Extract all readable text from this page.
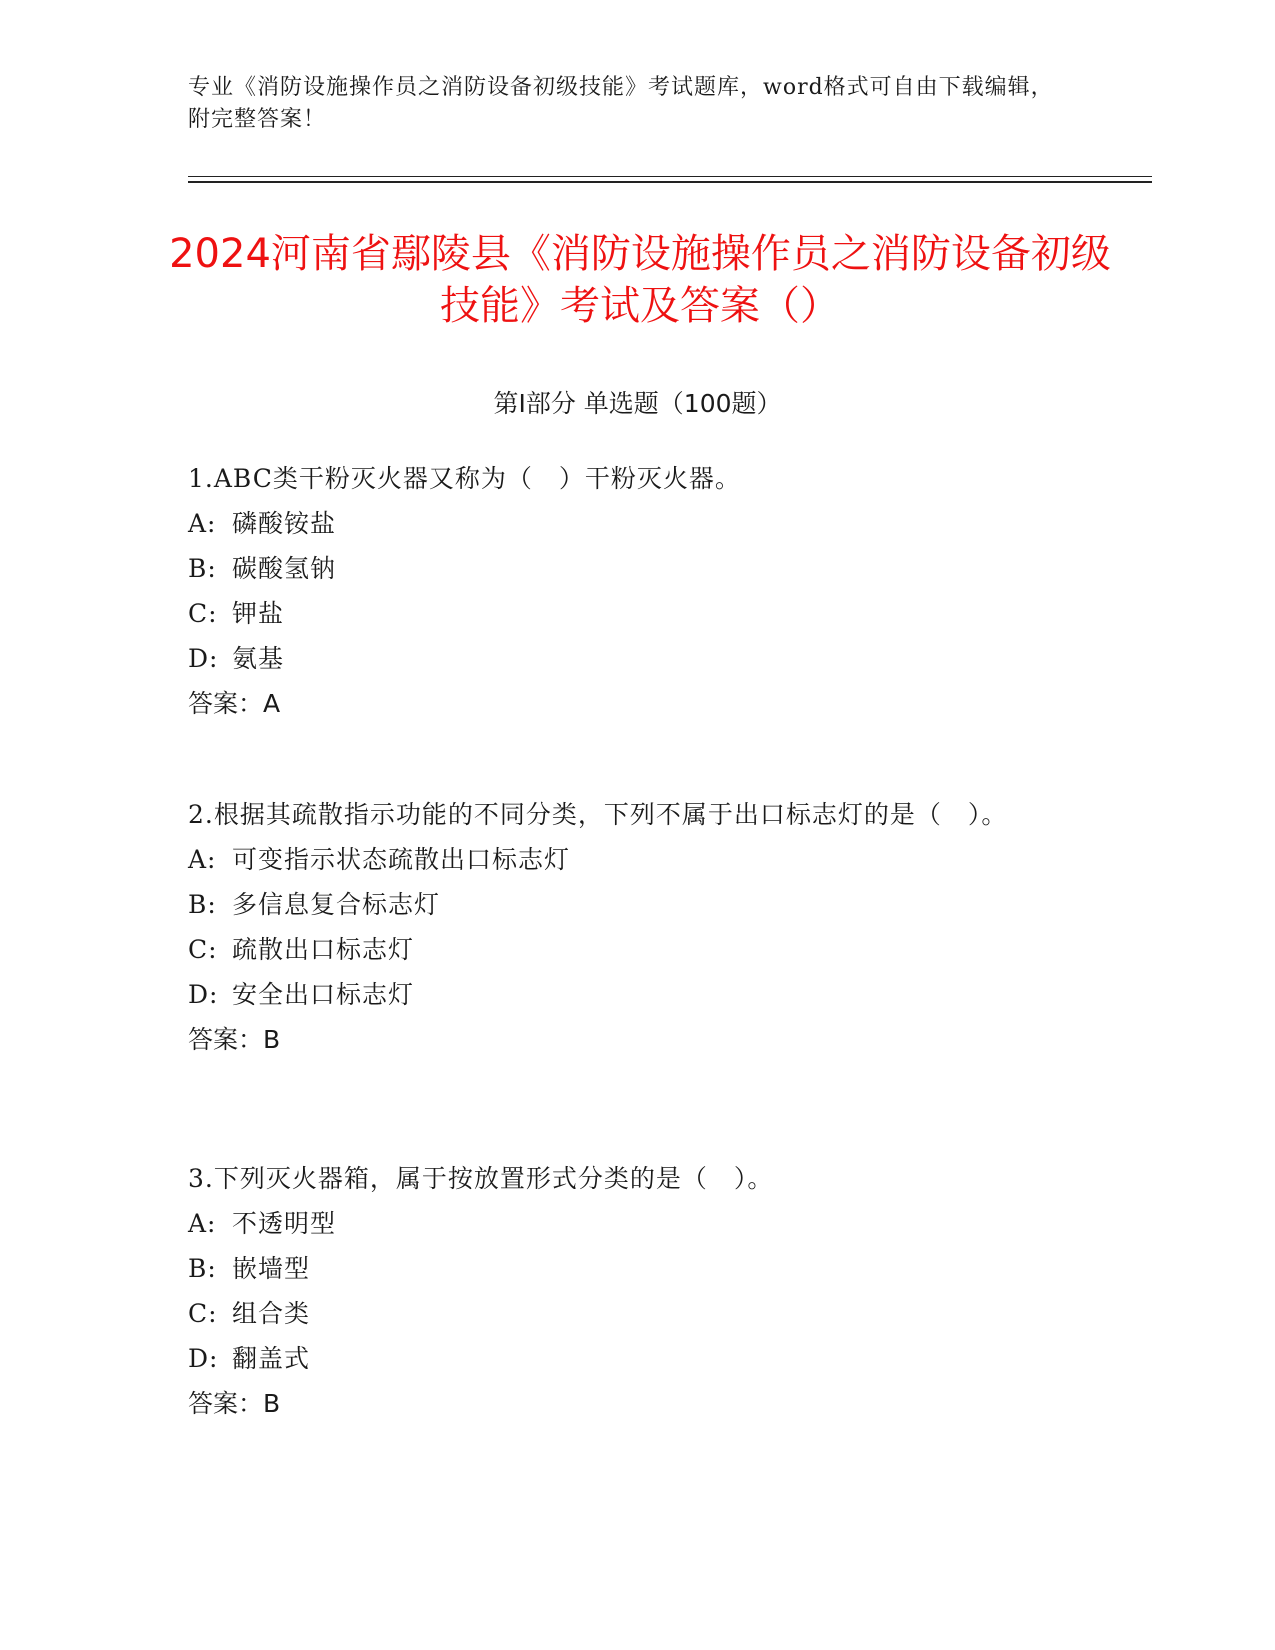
专业《消防设施操作员之消防设备初级技能》考试题库，word格式可自由下载编辑，附完整答案！
2024河南省鄢陵县《消防设施操作员之消防设备初级技能》考试及答案（）
第Ⅰ部分 单选题（100题）
1.ABC类干粉灭火器又称为（　）干粉灭火器。
A: 磷酸铵盐
B: 碳酸氢钠
C: 钾盐
D: 氨基
答案：A
2.根据其疏散指示功能的不同分类，下列不属于出口标志灯的是（　）。
A: 可变指示状态疏散出口标志灯
B: 多信息复合标志灯
C: 疏散出口标志灯
D: 安全出口标志灯
答案：B
3.下列灭火器箱，属于按放置形式分类的是（　）。
A: 不透明型
B: 嵌墙型
C: 组合类
D: 翻盖式
答案：B
